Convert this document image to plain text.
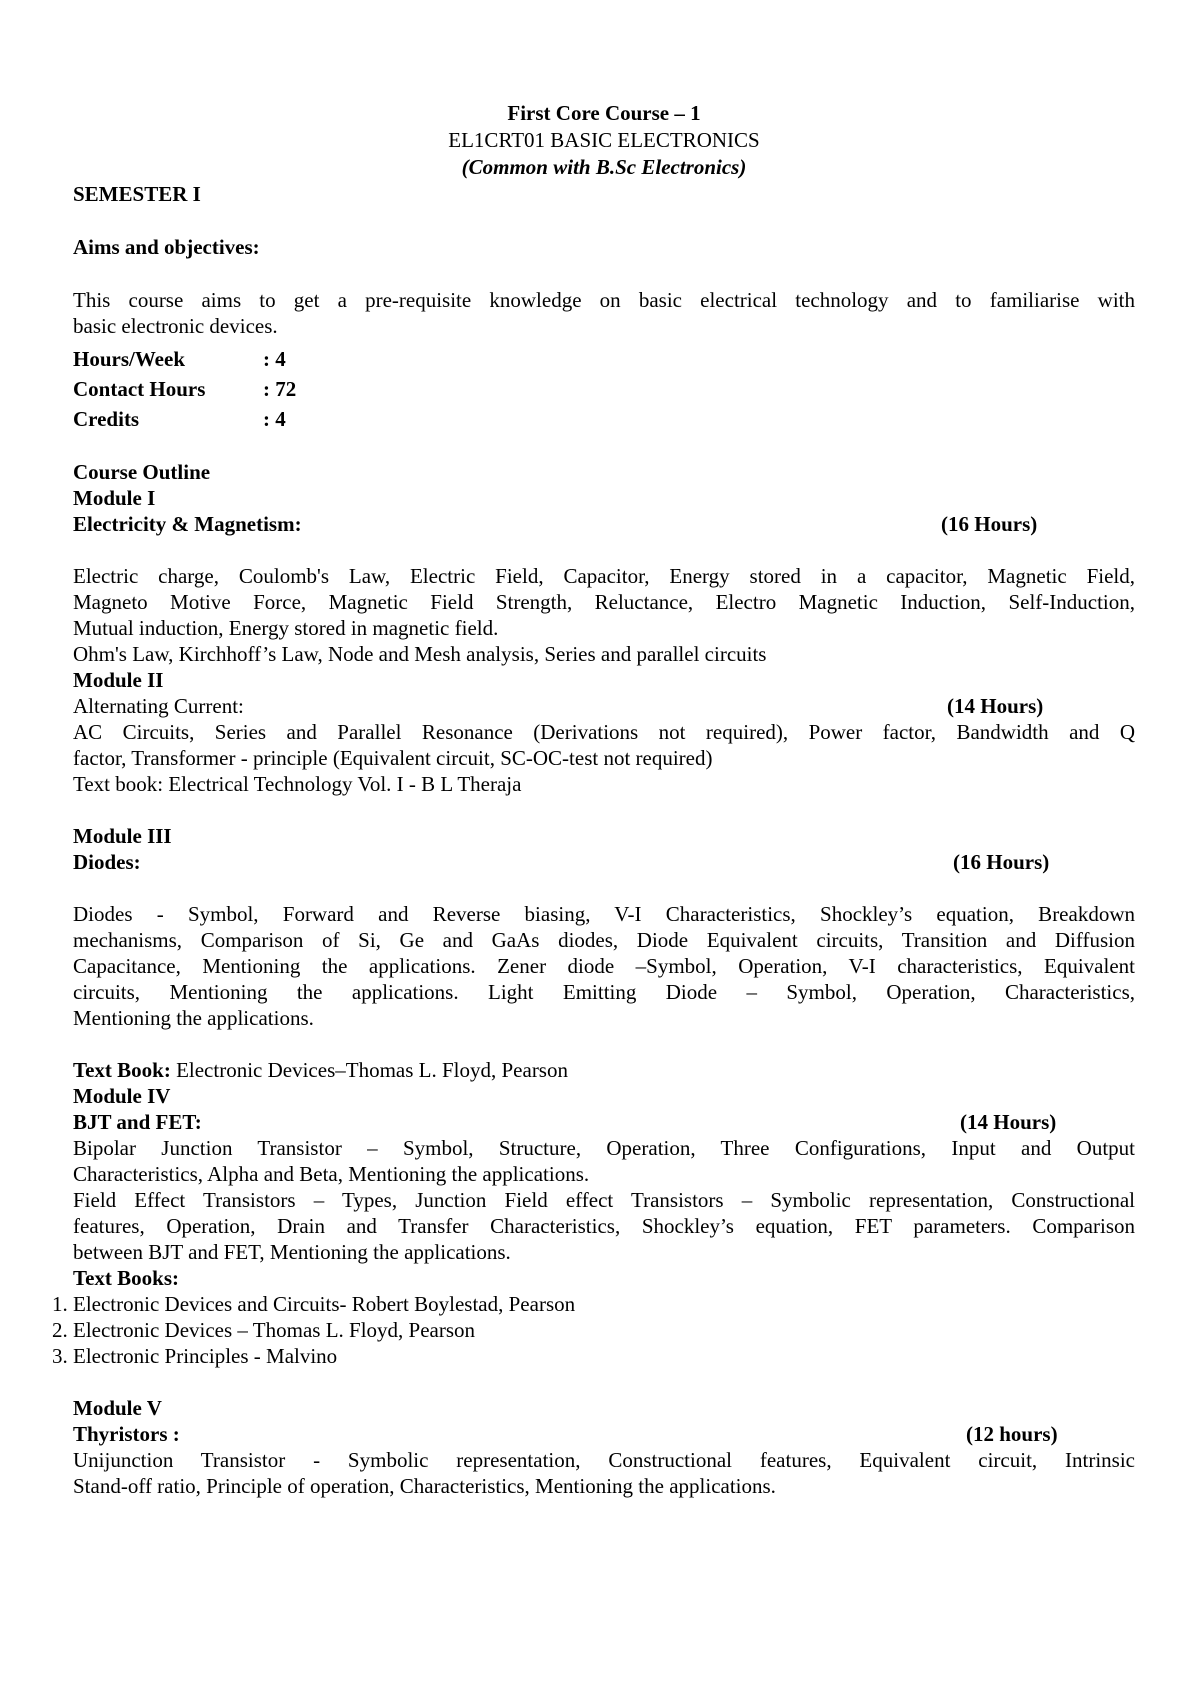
First Core Course – 1
EL1CRT01 BASIC ELECTRONICS
(Common with B.Sc Electronics)
SEMESTER I
Aims and objectives:
This course aims to get a pre-requisite knowledge on basic electrical technology and to familiarise with
basic electronic devices.
Hours/Week	: 4
Contact Hours	: 72
Credits	: 4
Course Outline
Module I
Electricity & Magnetism:	(16 Hours)
Electric charge, Coulomb's Law, Electric Field, Capacitor, Energy stored in a capacitor, Magnetic Field,
Magneto Motive Force, Magnetic Field Strength, Reluctance, Electro Magnetic Induction, Self-Induction,
Mutual induction, Energy stored in magnetic field.
Ohm's Law, Kirchhoff’s Law, Node and Mesh analysis, Series and parallel circuits
Module II
Alternating Current:	(14 Hours)
AC Circuits, Series and Parallel Resonance (Derivations not required), Power factor, Bandwidth and Q
factor, Transformer - principle (Equivalent circuit, SC-OC-test not required)
Text book: Electrical Technology Vol. I - B L Theraja
Module III
Diodes:	(16 Hours)
Diodes - Symbol, Forward and Reverse biasing, V-I Characteristics, Shockley’s equation, Breakdown
mechanisms, Comparison of Si, Ge and GaAs diodes, Diode Equivalent circuits, Transition and Diffusion
Capacitance, Mentioning the applications. Zener diode –Symbol, Operation, V-I characteristics, Equivalent
circuits, Mentioning the applications. Light Emitting Diode – Symbol, Operation, Characteristics,
Mentioning the applications.
Text Book: Electronic Devices–Thomas L. Floyd, Pearson
Module IV
BJT and FET:	(14 Hours)
Bipolar Junction Transistor – Symbol, Structure, Operation, Three Configurations, Input and Output
Characteristics, Alpha and Beta, Mentioning the applications.
Field Effect Transistors – Types, Junction Field effect Transistors – Symbolic representation, Constructional
features, Operation, Drain and Transfer Characteristics, Shockley’s equation, FET parameters. Comparison
between BJT and FET, Mentioning the applications.
Text Books:
1. Electronic Devices and Circuits- Robert Boylestad, Pearson
2. Electronic Devices – Thomas L. Floyd, Pearson
3. Electronic Principles - Malvino
Module V
Thyristors :	(12 hours)
Unijunction Transistor - Symbolic representation, Constructional features, Equivalent circuit, Intrinsic
Stand-off ratio, Principle of operation, Characteristics, Mentioning the applications.
